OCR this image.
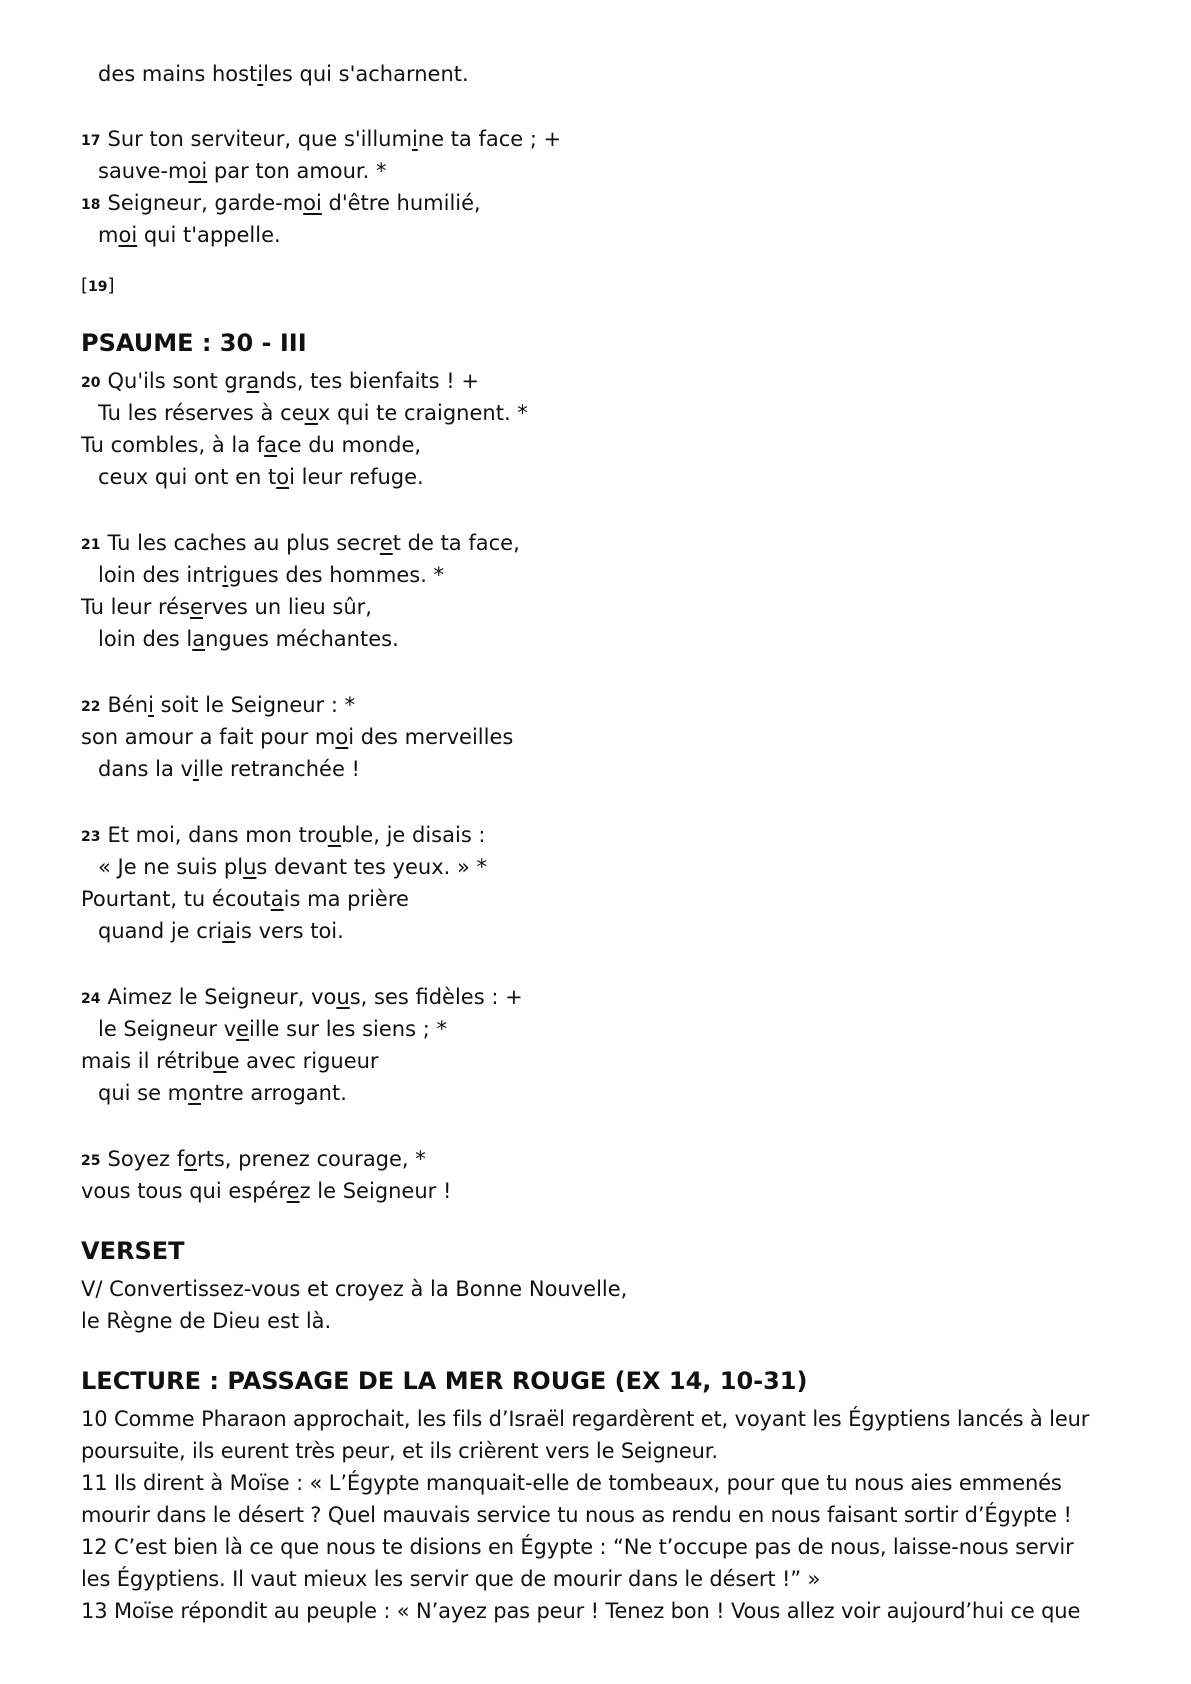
des mains hostiles qui s'acharnent.
17 Sur ton serviteur, que s'illumine ta face ; +
sauve-moi par ton amour. *
18 Seigneur, garde-moi d'être humilié,
moi qui t'appelle.
[19]
PSAUME : 30 - III
20 Qu'ils sont grands, tes bienfaits ! +
Tu les réserves à ceux qui te craignent. *
Tu combles, à la face du monde,
ceux qui ont en toi leur refuge.
21 Tu les caches au plus secret de ta face,
loin des intrigues des hommes. *
Tu leur réserves un lieu sûr,
loin des langues méchantes.
22 Béni soit le Seigneur : *
son amour a fait pour moi des merveilles
dans la ville retranchée !
23 Et moi, dans mon trouble, je disais :
« Je ne suis plus devant tes yeux. » *
Pourtant, tu écoutais ma prière
quand je criais vers toi.
24 Aimez le Seigneur, vous, ses fidèles : +
le Seigneur veille sur les siens ; *
mais il rétribue avec rigueur
qui se montre arrogant.
25 Soyez forts, prenez courage, *
vous tous qui espérez le Seigneur !
VERSET
V/ Convertissez-vous et croyez à la Bonne Nouvelle,
le Règne de Dieu est là.
LECTURE : PASSAGE DE LA MER ROUGE (EX 14, 10-31)
10 Comme Pharaon approchait, les fils d’Israël regardèrent et, voyant les Égyptiens lancés à leur
poursuite, ils eurent très peur, et ils crièrent vers le Seigneur.
11 Ils dirent à Moïse : « L’Égypte manquait-elle de tombeaux, pour que tu nous aies emmenés
mourir dans le désert ? Quel mauvais service tu nous as rendu en nous faisant sortir d’Égypte !
12 C’est bien là ce que nous te disions en Égypte : “Ne t’occupe pas de nous, laisse-nous servir
les Égyptiens. Il vaut mieux les servir que de mourir dans le désert !” »
13 Moïse répondit au peuple : « N’ayez pas peur ! Tenez bon ! Vous allez voir aujourd’hui ce que
